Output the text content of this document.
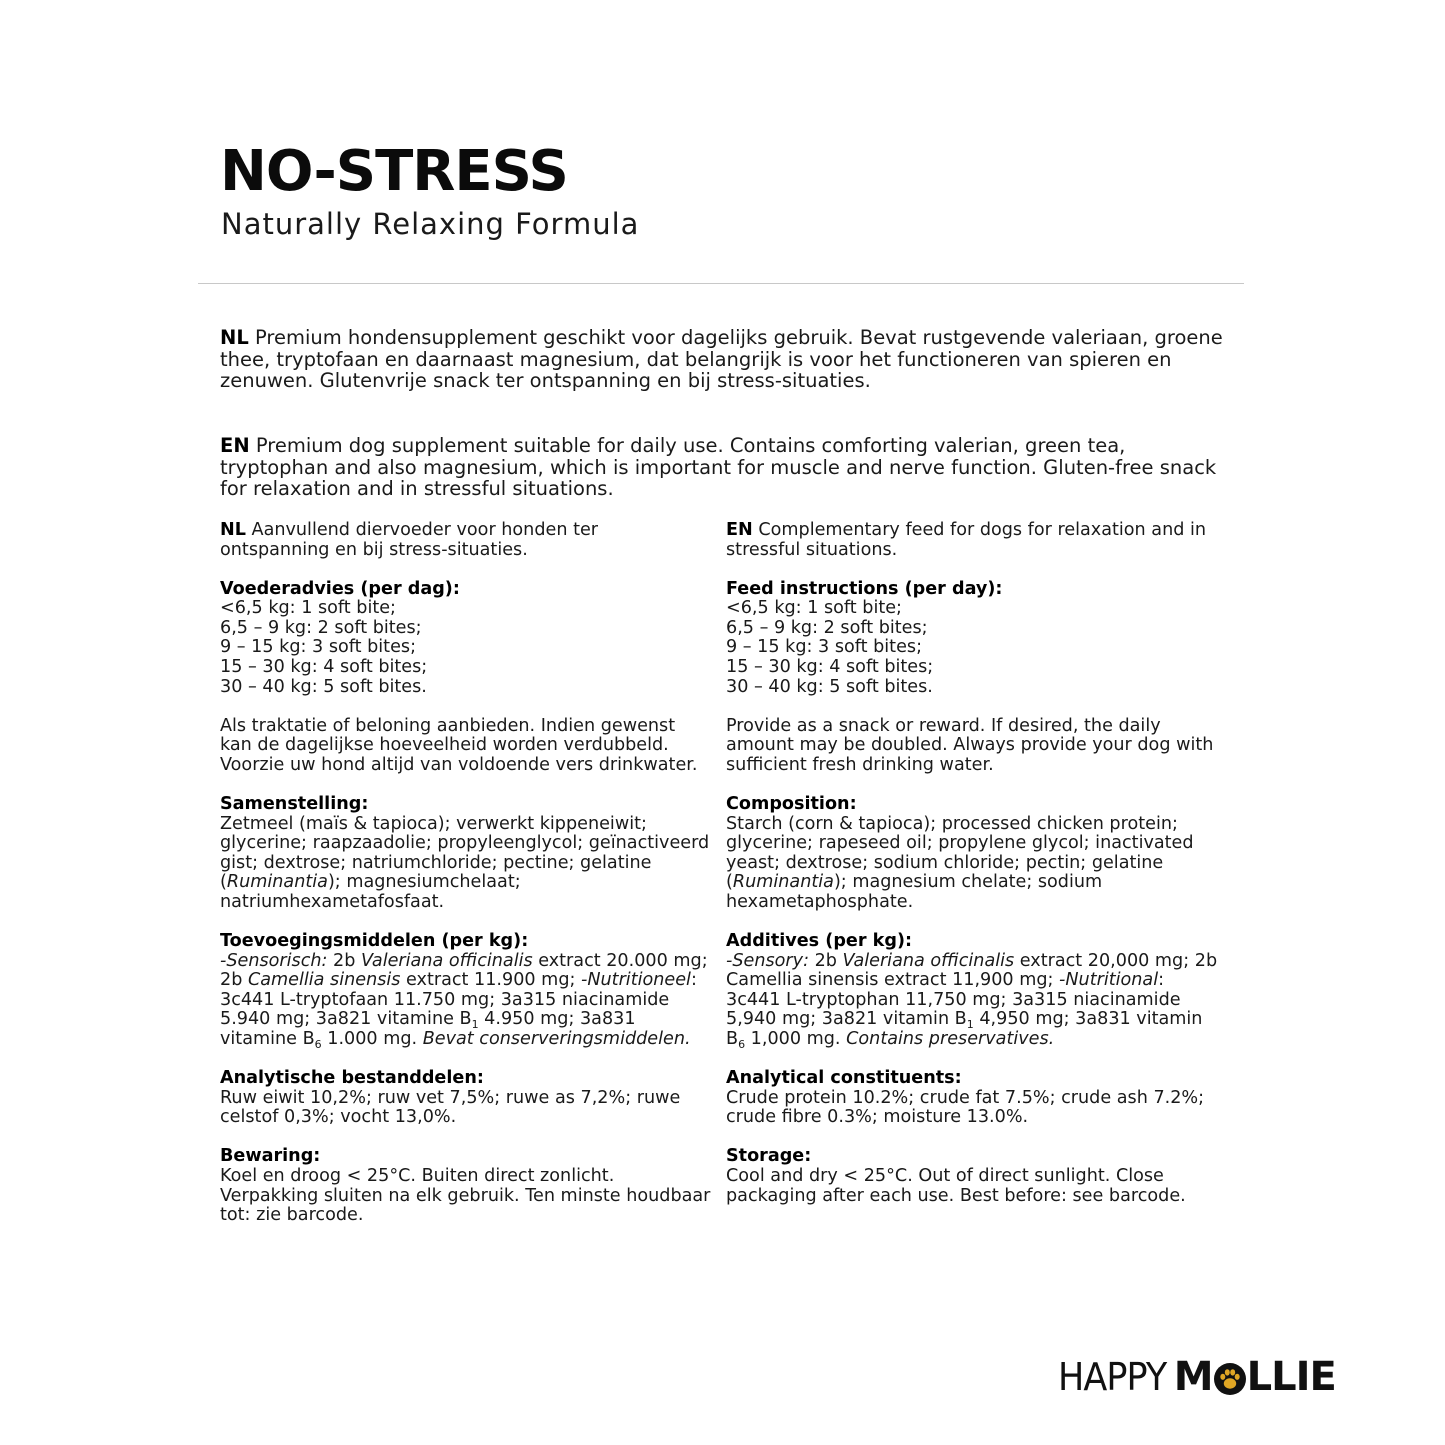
NO-STRESS
Naturally Relaxing Formula

NL Premium hondensupplement geschikt voor dagelijks gebruik. Bevat rustgevende valeriaan, groene thee, tryptofaan en daarnaast magnesium, dat belangrijk is voor het functioneren van spieren en zenuwen. Glutenvrije snack ter ontspanning en bij stress-situaties.

EN Premium dog supplement suitable for daily use. Contains comforting valerian, green tea, tryptophan and also magnesium, which is important for muscle and nerve function. Gluten-free snack for relaxation and in stressful situations.

NL Aanvullend diervoeder voor honden ter ontspanning en bij stress-situaties.

Voederadvies (per dag):

<6,5 kg: 1 soft bite;

6,5 – 9 kg: 2 soft bites;

9 – 15 kg: 3 soft bites;

15 – 30 kg: 4 soft bites;

30 – 40 kg: 5 soft bites.

Als traktatie of beloning aanbieden. Indien gewenst kan de dagelijkse hoeveelheid worden verdubbeld. Voorzie uw hond altijd van voldoende vers drinkwater.

Samenstelling:

Zetmeel (maïs & tapioca); verwerkt kippeneiwit; glycerine; raapzaadolie; propyleenglycol; geïnactiveerd gist; dextrose; natriumchloride; pectine; gelatine (Ruminantia); magnesiumchelaat; natriumhexametafosfaat.

Toevoegingsmiddelen (per kg):

-Sensorisch: 2b Valeriana officinalis extract 20.000 mg; 2b Camellia sinensis extract 11.900 mg; -Nutritioneel: 3c441 L-tryptofaan 11.750 mg; 3a315 niacinamide 5.940 mg; 3a821 vitamine $B_1$ 4.950 mg; 3a831 vitamine $B_6$ 1.000 mg. Bevat conserveringsmiddelen.

Analytische bestanddelen:

Ruw eiwit 10,2%; ruw vet 7,5%; ruwe as 7,2%; ruwe celstof 0,3%; vocht 13,0%.

Bewaring:

Koel en droog < 25°C. Buiten direct zonlicht. Verpakking sluiten na elk gebruik. Ten minste houdbaar tot: zie barcode.

EN Complementary feed for dogs for relaxation and in stressful situations.

Feed instructions (per day):

<6,5 kg: 1 soft bite;

6,5 – 9 kg: 2 soft bites;

9 – 15 kg: 3 soft bites;

15 – 30 kg: 4 soft bites;

30 – 40 kg: 5 soft bites.

Provide as a snack or reward. If desired, the daily amount may be doubled. Always provide your dog with sufficient fresh drinking water.

Composition:

Starch (corn & tapioca); processed chicken protein; glycerine; rapeseed oil; propylene glycol; inactivated yeast; dextrose; sodium chloride; pectin; gelatine (Ruminantia); magnesium chelate; sodium hexametaphosphate.

Additives (per kg):

-Sensory: 2b Valeriana officinalis extract 20,000 mg; 2b Camellia sinensis extract 11,900 mg; -Nutritional: 3c441 L-tryptophan 11,750 mg; 3a315 niacinamide 5,940 mg; 3a821 vitamin $B_1$ 4,950 mg; 3a831 vitamin $B_6$ 1,000 mg. Contains preservatives.

Analytical constituents:

Crude protein 10.2%; crude fat 7.5%; crude ash 7.2%; crude fibre 0.3%; moisture 13.0%.

Storage:

Cool and dry < 25°C. Out of direct sunlight. Close packaging after each use. Best before: see barcode.

HAPPY M LLIE
